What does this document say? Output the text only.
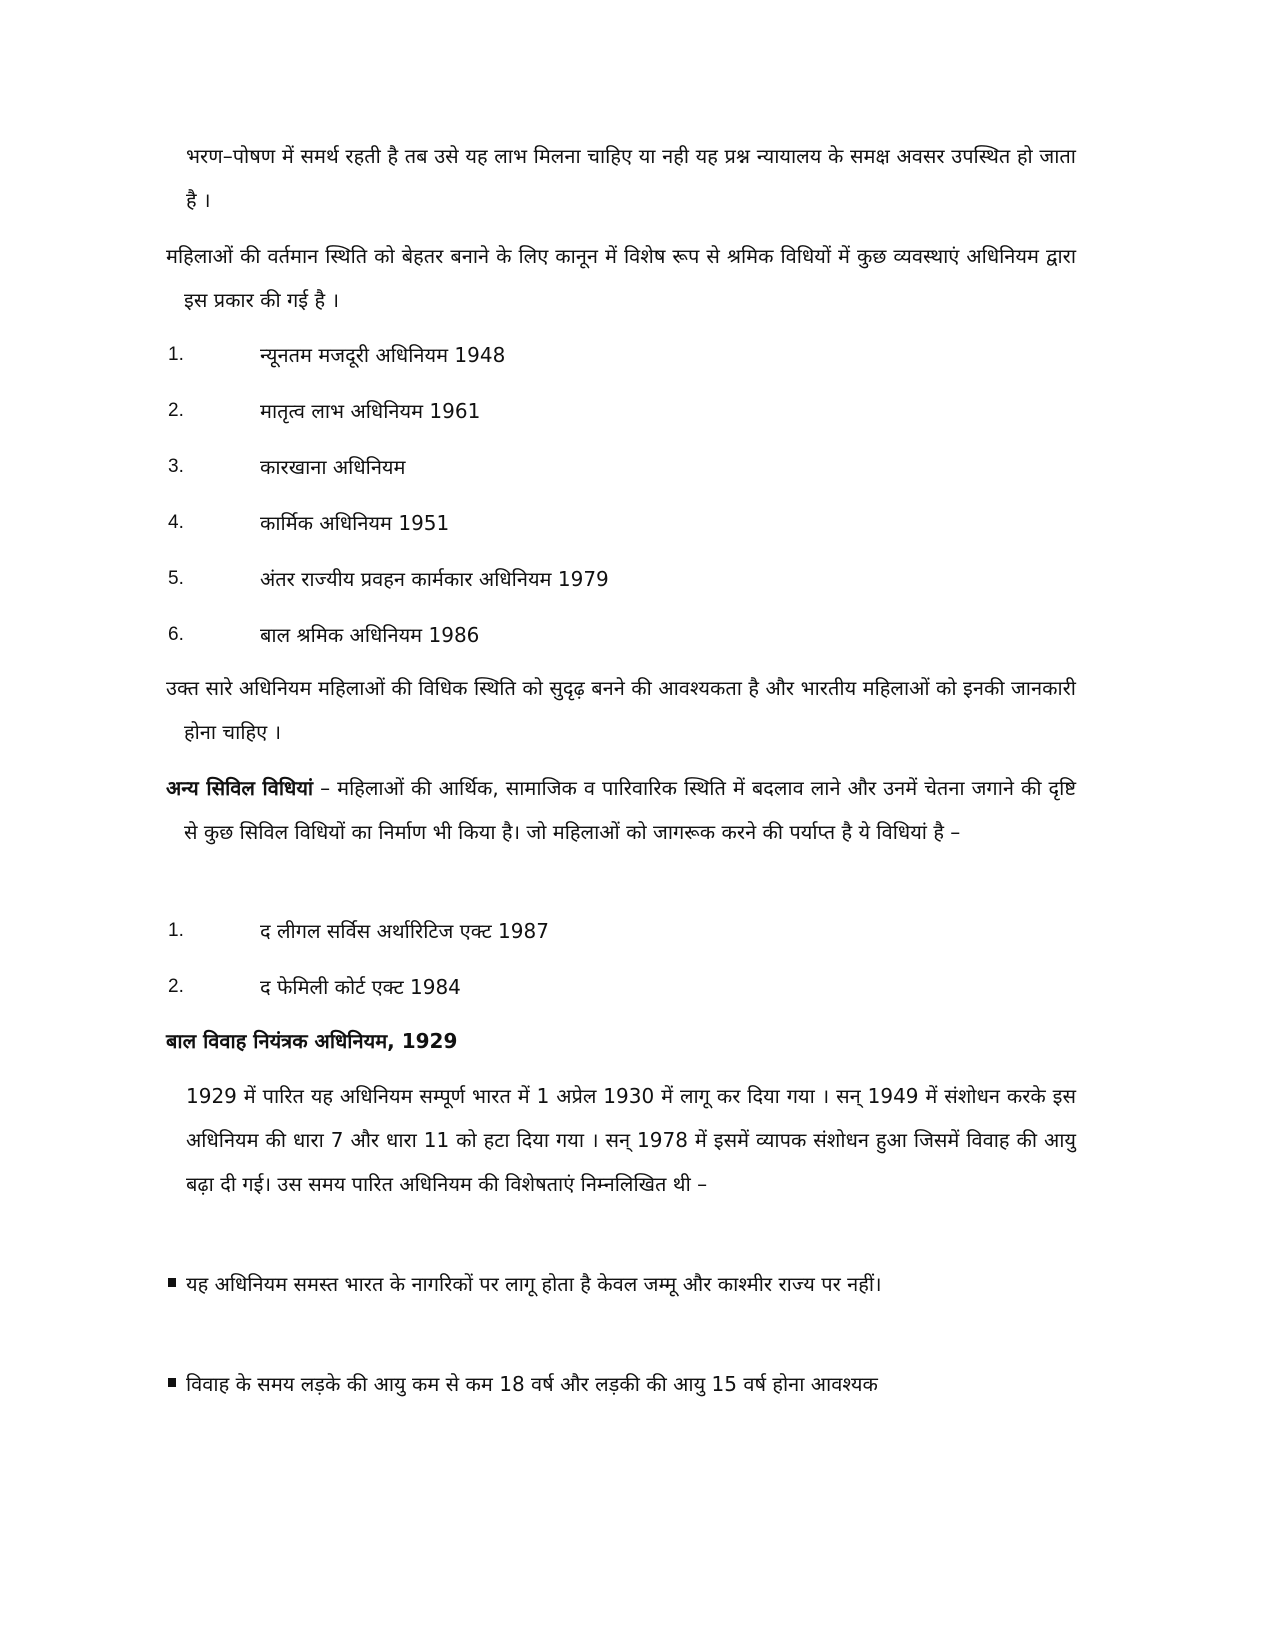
भरण–पोषण में समर्थ रहती है तब उसे यह लाभ मिलना चाहिए या नही यह प्रश्न न्यायालय के समक्ष अवसर उपस्थित हो जाता है ।

महिलाओं की वर्तमान स्थिति को बेहतर बनाने के लिए कानून में विशेष रूप से श्रमिक विधियों में कुछ व्यवस्थाएं अधिनियम द्वारा इस प्रकार की गई है ।

1.	न्यूनतम मजदूरी अधिनियम 1948
2.	मातृत्व लाभ अधिनियम 1961
3.	कारखाना अधिनियम
4.	कार्मिक अधिनियम 1951
5.	अंतर राज्यीय प्रवहन कार्मकार अधिनियम 1979
6.	बाल श्रमिक अधिनियम 1986

उक्त सारे अधिनियम महिलाओं की विधिक स्थिति को सुदृढ़ बनने की आवश्यकता है और भारतीय महिलाओं को इनकी जानकारी होना चाहिए ।

अन्य सिविल विधियां – महिलाओं की आर्थिक, सामाजिक व पारिवारिक स्थिति में बदलाव लाने और उनमें चेतना जगाने की दृष्टि से कुछ सिविल विधियों का निर्माण भी किया है। जो महिलाओं को जागरूक करने की पर्याप्त है ये विधियां है –

1.	द लीगल सर्विस अर्थारिटिज एक्ट 1987
2.	द फेमिली कोर्ट एक्ट 1984
बाल विवाह नियंत्रक अधिनियम, 1929

1929 में पारित यह अधिनियम सम्पूर्ण भारत में 1 अप्रेल 1930 में लागू कर दिया गया । सन् 1949 में संशोधन करके इस अधिनियम की धारा 7 और धारा 11 को हटा दिया गया । सन् 1978 में इसमें व्यापक संशोधन हुआ जिसमें विवाह की आयु बढ़ा दी गई। उस समय पारित अधिनियम की विशेषताएं निम्नलिखित थी –

यह अधिनियम समस्त भारत के नागरिकों पर लागू होता है केवल जम्मू और काश्मीर राज्य पर नहीं।
विवाह के समय लड़के की आयु कम से कम 18 वर्ष और लड़की की आयु 15 वर्ष होना आवश्यक
